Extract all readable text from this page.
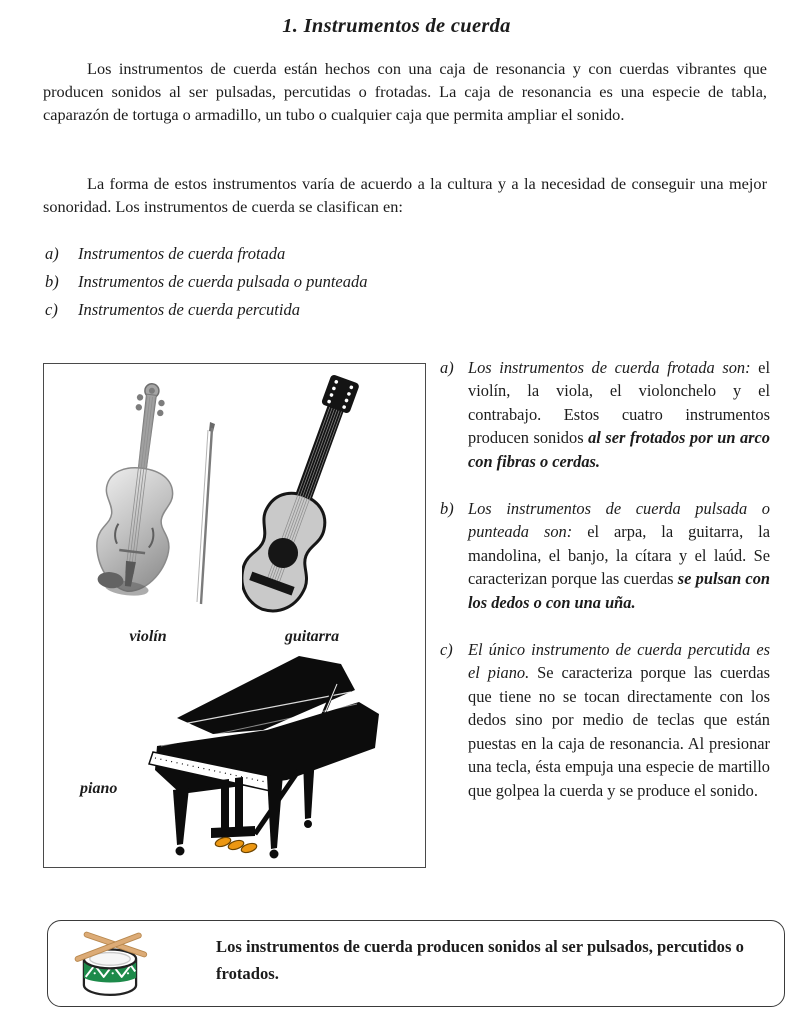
1. Instrumentos de cuerda
Los instrumentos de cuerda están hechos con una caja de resonancia y con cuerdas vibrantes que producen sonidos al ser pulsadas, percutidas o frotadas. La caja de resonancia es una especie de tabla, caparazón de tortuga o armadillo, un tubo o cualquier caja que permita ampliar el sonido.
La forma de estos instrumentos varía de acuerdo a la cultura y a la necesidad de conseguir una mejor sonoridad. Los instrumentos de cuerda se clasifican en:
a) Instrumentos de cuerda frotada
b) Instrumentos de cuerda pulsada o punteada
c) Instrumentos de cuerda percutida
violín	guitarra
piano
a) Los instrumentos de cuerda frotada son: el violín, la viola, el violonchelo y el contrabajo. Estos cuatro instrumentos producen sonidos al ser frotados por un arco con fibras o cerdas.
b) Los instrumentos de cuerda pulsada o punteada son: el arpa, la guitarra, la mandolina, el banjo, la cítara y el laúd. Se caracterizan porque las cuerdas se pulsan con los dedos o con una uña.
c) El único instrumento de cuerda percutida es el piano. Se caracteriza porque las cuerdas que tiene no se tocan directamente con los dedos sino por medio de teclas que están puestas en la caja de resonancia. Al presionar una tecla, ésta empuja una especie de martillo que golpea la cuerda y se produce el sonido.
Los instrumentos de cuerda producen sonidos al ser pulsados, percutidos o frotados.
